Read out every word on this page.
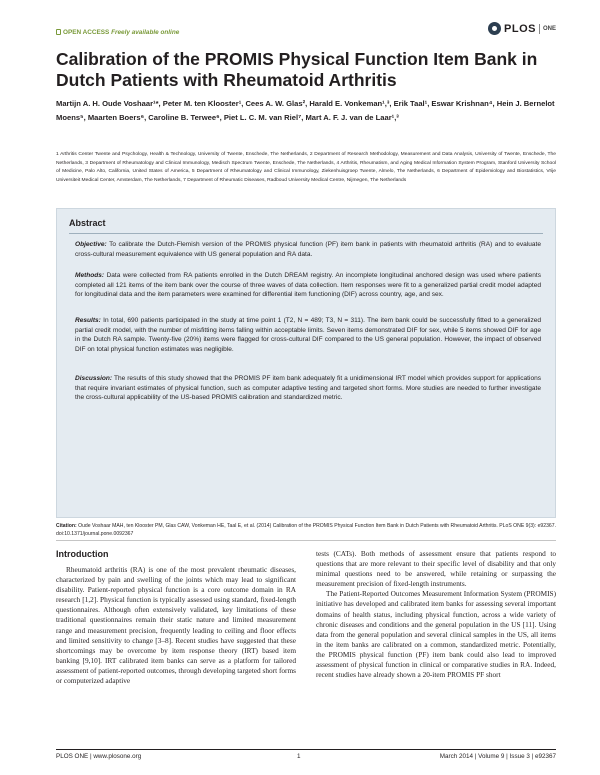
OPEN ACCESS Freely available online	PLOS ONE
Calibration of the PROMIS Physical Function Item Bank in Dutch Patients with Rheumatoid Arthritis
Martijn A. H. Oude Voshaar¹*, Peter M. ten Klooster¹, Cees A. W. Glas², Harald E. Vonkeman¹,³, Erik Taal¹, Eswar Krishnan⁴, Hein J. Bernelot Moens⁵, Maarten Boers⁶, Caroline B. Terwee⁶, Piet L. C. M. van Riel⁷, Mart A. F. J. van de Laar¹,³
1 Arthritis Center Twente and Psychology, Health & Technology, University of Twente, Enschede, The Netherlands, 2 Department of Research Methodology, Measurement and Data Analysis, University of Twente, Enschede, The Netherlands, 3 Department of Rheumatology and Clinical Immunology, Medisch Spectrum Twente, Enschede, The Netherlands, 4 Arthritis, Rheumatism, and Aging Medical Information System Program, Stanford University School of Medicine, Palo Alto, California, United States of America, 5 Department of Rheumatology and Clinical Immunology, Ziekenhuisgroep Twente, Almelo, The Netherlands, 6 Department of Epidemiology and Biostatistics, Vrije Universiteit Medical Center, Amsterdam, The Netherlands, 7 Department of Rheumatic Diseases, Radboud University Medical Centre, Nijmegen, The Netherlands
Abstract
Objective: To calibrate the Dutch-Flemish version of the PROMIS physical function (PF) item bank in patients with rheumatoid arthritis (RA) and to evaluate cross-cultural measurement equivalence with US general population and RA data.
Methods: Data were collected from RA patients enrolled in the Dutch DREAM registry. An incomplete longitudinal anchored design was used where patients completed all 121 items of the item bank over the course of three waves of data collection. Item responses were fit to a generalized partial credit model adapted for longitudinal data and the item parameters were examined for differential item functioning (DIF) across country, age, and sex.
Results: In total, 690 patients participated in the study at time point 1 (T2, N = 489; T3, N = 311). The item bank could be successfully fitted to a generalized partial credit model, with the number of misfitting items falling within acceptable limits. Seven items demonstrated DIF for sex, while 5 items showed DIF for age in the Dutch RA sample. Twenty-five (20%) items were flagged for cross-cultural DIF compared to the US general population. However, the impact of observed DIF on total physical function estimates was negligible.
Discussion: The results of this study showed that the PROMIS PF item bank adequately fit a unidimensional IRT model which provides support for applications that require invariant estimates of physical function, such as computer adaptive testing and targeted short forms. More studies are needed to further investigate the cross-cultural applicability of the US-based PROMIS calibration and standardized metric.
Citation: Oude Voshaar MAH, ten Klooster PM, Glas CAW, Vonkeman HE, Taal E, et al. (2014) Calibration of the PROMIS Physical Function Item Bank in Dutch Patients with Rheumatoid Arthritis. PLoS ONE 9(3): e92367. doi:10.1371/journal.pone.0092367
Introduction

Rheumatoid arthritis (RA) is one of the most prevalent rheumatic diseases, characterized by pain and swelling of the joints which may lead to significant disability. Patient-reported physical function is a core outcome domain in RA research [1,2]. Physical function is typically assessed using standard, fixed-length questionnaires. Although often extensively validated, key limitations of these traditional questionnaires remain their static nature and limited measurement range and measurement precision, frequently leading to ceiling and floor effects and limited sensitivity to change [3–8]. Recent studies have suggested that these shortcomings may be overcome by item response theory (IRT) based item banking [9,10]. IRT calibrated item banks can serve as a platform for tailored assessment of patient-reported outcomes, through developing targeted short forms or computerized adaptive

tests (CATs). Both methods of assessment ensure that patients respond to questions that are more relevant to their specific level of disability and that only minimal questions need to be answered, while retaining or surpassing the measurement precision of fixed-length instruments.

The Patient-Reported Outcomes Measurement Information System (PROMIS) initiative has developed and calibrated item banks for assessing several important domains of health status, including physical function, across a wide variety of chronic diseases and conditions and the general population in the US [11]. Using data from the general population and several clinical samples in the US, all items in the item banks are calibrated on a common, standardized metric. Potentially, the PROMIS physical function (PF) item bank could also lead to improved assessment of physical function in clinical or comparative studies in RA. Indeed, recent studies have already shown a 20-item PROMIS PF short

PLOS ONE | www.plosone.org	1	March 2014 | Volume 9 | Issue 3 | e92367
